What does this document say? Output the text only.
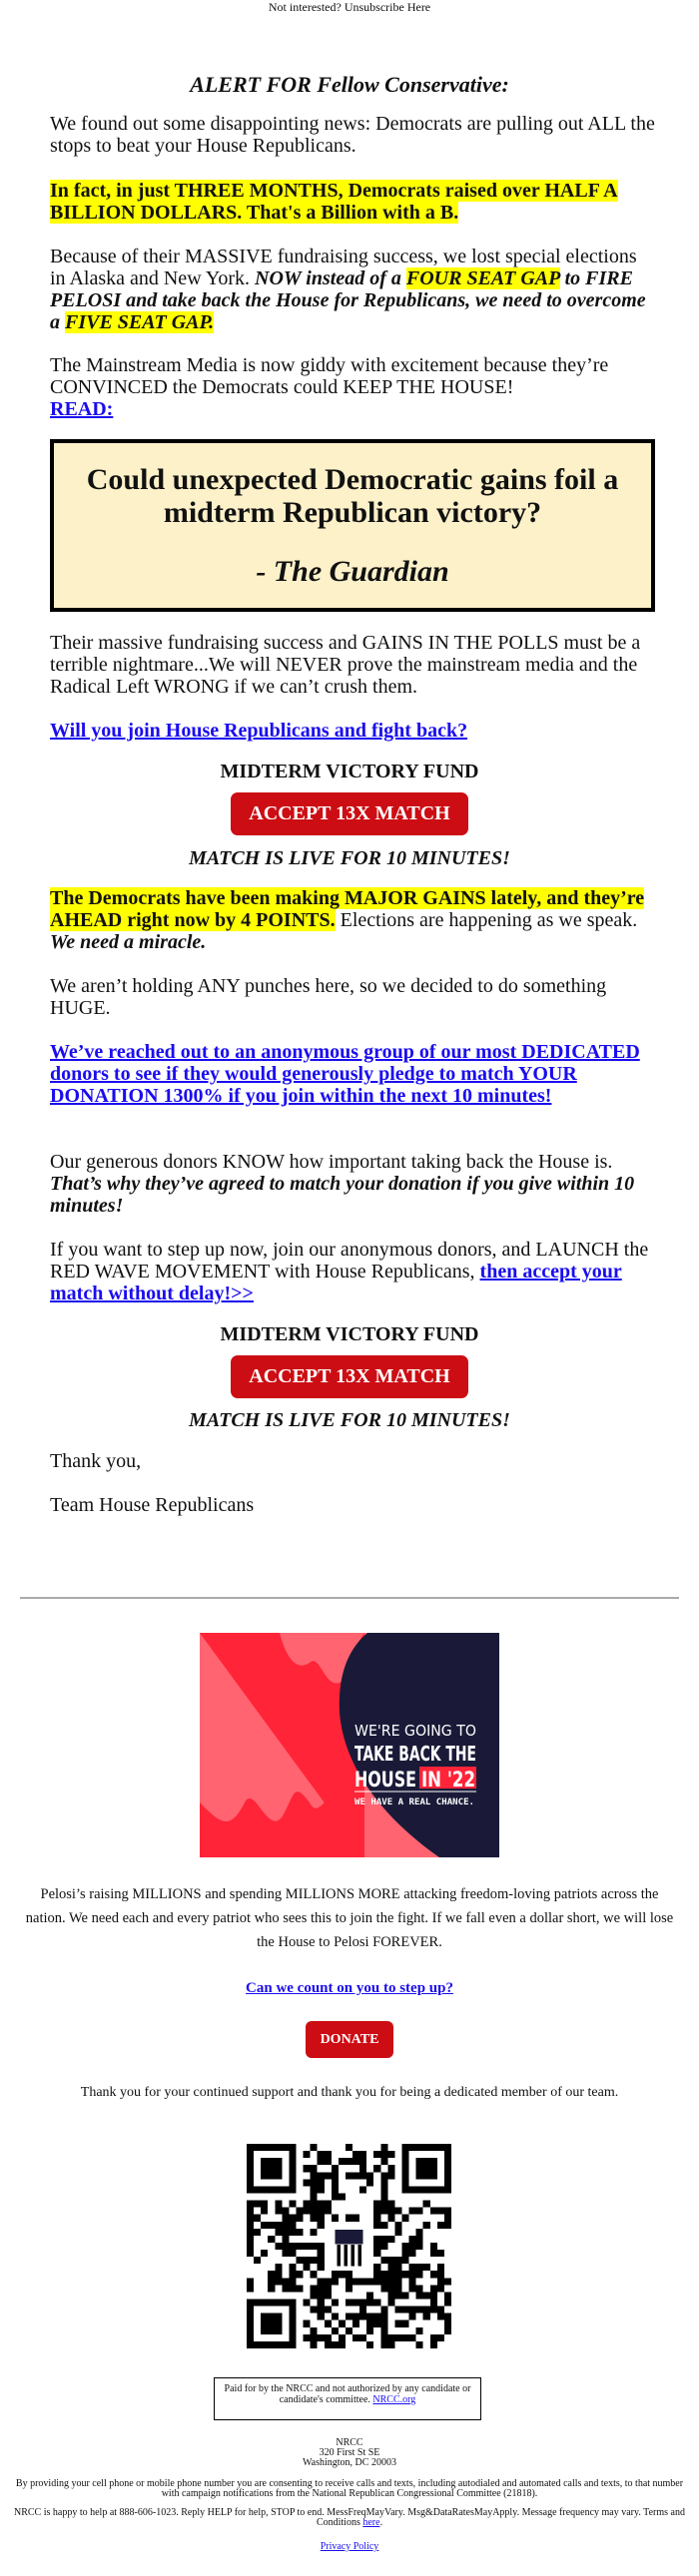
Not interested? Unsubscribe Here
ALERT FOR Fellow Conservative:

We found out some disappointing news: Democrats are pulling out ALL the stops to beat your House Republicans.

In fact, in just THREE MONTHS, Democrats raised over HALF A BILLION DOLLARS. That's a Billion with a B.

Because of their MASSIVE fundraising success, we lost special elections in Alaska and New York. NOW instead of a FOUR SEAT GAP to FIRE PELOSI and take back the House for Republicans, we need to overcome a FIVE SEAT GAP.

The Mainstream Media is now giddy with excitement because they’re CONVINCED the Democrats could KEEP THE HOUSE!
READ:

Could unexpected Democratic gains foil a midterm Republican victory?
- The Guardian

Their massive fundraising success and GAINS IN THE POLLS must be a terrible nightmare...We will NEVER prove the mainstream media and the Radical Left WRONG if we can’t crush them.

Will you join House Republicans and fight back?

MIDTERM VICTORY FUND
ACCEPT 13X MATCH
MATCH IS LIVE FOR 10 MINUTES!

The Democrats have been making MAJOR GAINS lately, and they’re AHEAD right now by 4 POINTS. Elections are happening as we speak. We need a miracle.

We aren’t holding ANY punches here, so we decided to do something HUGE.

We’ve reached out to an anonymous group of our most DEDICATED donors to see if they would generously pledge to match YOUR DONATION 1300% if you join within the next 10 minutes!

Our generous donors KNOW how important taking back the House is. That’s why they’ve agreed to match your donation if you give within 10 minutes!

If you want to step up now, join our anonymous donors, and LAUNCH the RED WAVE MOVEMENT with House Republicans, then accept your match without delay!>>

MIDTERM VICTORY FUND
ACCEPT 13X MATCH
MATCH IS LIVE FOR 10 MINUTES!
Thank you,
Team House Republicans
WE'RE GOING TO
TAKE BACK THE
HOUSE IN '22
WE HAVE A REAL CHANCE.
Pelosi’s raising MILLIONS and spending MILLIONS MORE attacking freedom-loving patriots across the nation. We need each and every patriot who sees this to join the fight. If we fall even a dollar short, we will lose the House to Pelosi FOREVER.
Can we count on you to step up?
DONATE
Thank you for your continued support and thank you for being a dedicated member of our team.
Paid for by the NRCC and not authorized by any candidate or candidate's committee. NRCC.org
NRCC
320 First St SE
Washington, DC 20003
By providing your cell phone or mobile phone number you are consenting to receive calls and texts, including autodialed and automated calls and texts, to that number with campaign notifications from the National Republican Congressional Committee (21818).
NRCC is happy to help at 888-606-1023. Reply HELP for help, STOP to end. MessFreqMayVary. Msg&DataRatesMayApply. Message frequency may vary. Terms and Conditions here.
Privacy Policy
